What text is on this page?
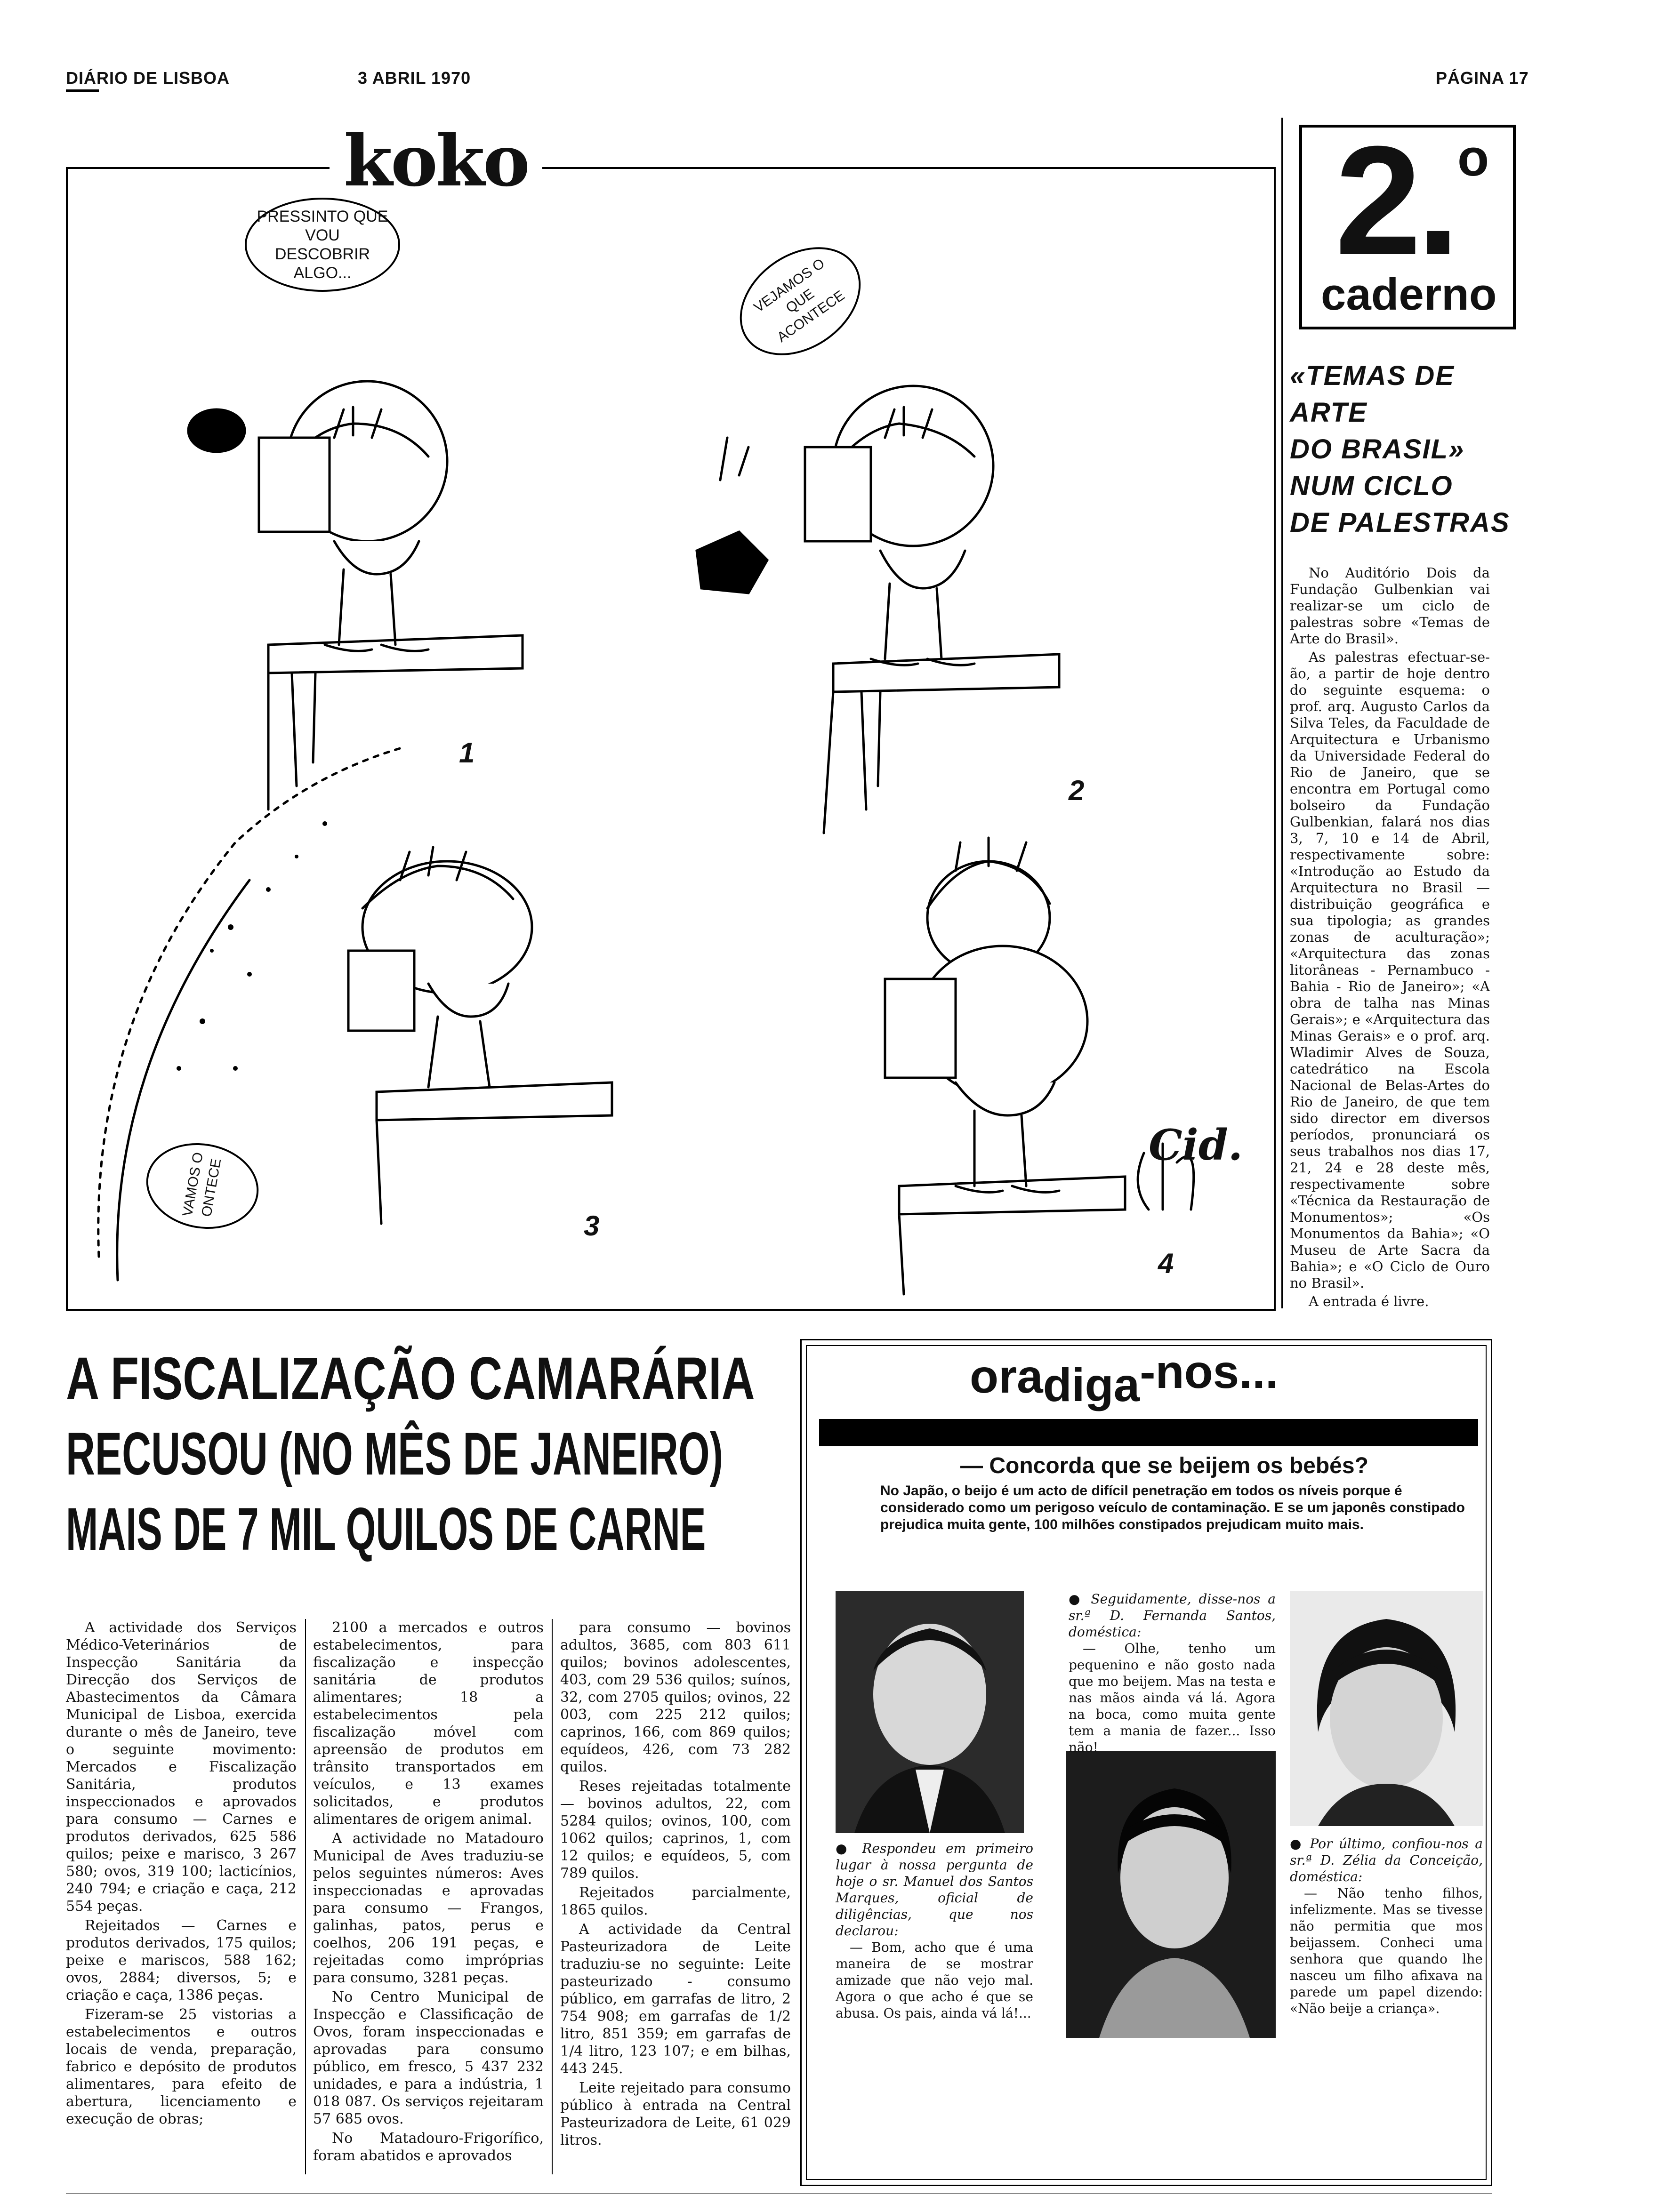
DIÁRIO DE LISBOA	3 ABRIL 1970	PÁGINA 17
koko
PRESSINTO QUE VOU DESCOBRIR ALGO...	VEJAMOS O QUE ACONTECE
VAMOS O ONTECE
1
2
3
4
Cid.
2. o
caderno
«TEMAS DE ARTE
DO BRASIL»
NUM CICLO
DE PALESTRAS

No Auditório Dois da Fundação Gulbenkian vai realizar-se um ciclo de palestras sobre «Temas de Arte do Brasil».

As palestras efectuar-se-ão, a partir de hoje dentro do seguinte esquema: o prof. arq. Augusto Carlos da Silva Teles, da Faculdade de Arquitectura e Urbanismo da Universidade Federal do Rio de Janeiro, que se encontra em Portugal como bolseiro da Fundação Gulbenkian, falará nos dias 3, 7, 10 e 14 de Abril, respectivamente sobre: «Introdução ao Estudo da Arquitectura no Brasil — distribuição geográfica e sua tipologia; as grandes zonas de aculturação»; «Arquitectura das zonas litorâneas - Pernambuco - Bahia - Rio de Janeiro»; «A obra de talha nas Minas Gerais»; e «Arquitectura das Minas Gerais» e o prof. arq. Wladimir Alves de Souza, catedrático na Escola Nacional de Belas-Artes do Rio de Janeiro, de que tem sido director em diversos períodos, pronunciará os seus trabalhos nos dias 17, 21, 24 e 28 deste mês, respectivamente sobre «Técnica da Restauração de Monumentos»; «Os Monumentos da Bahia»; «O Museu de Arte Sacra da Bahia»; e «O Ciclo de Ouro no Brasil».

A entrada é livre.

A FISCALIZAÇÃO CAMARÁRIA
RECUSOU (NO MÊS DE JANEIRO)
MAIS DE 7 MIL QUILOS DE CARNE

A actividade dos Serviços Médico-Veterinários de Inspecção Sanitária da Direcção dos Serviços de Abastecimentos da Câmara Municipal de Lisboa, exercida durante o mês de Janeiro, teve o seguinte movimento: Mercados e Fiscalização Sanitária, produtos inspeccionados e aprovados para consumo — Carnes e produtos derivados, 625 586 quilos; peixe e marisco, 3 267 580; ovos, 319 100; lacticínios, 240 794; e criação e caça, 212 554 peças.

Rejeitados — Carnes e produtos derivados, 175 quilos; peixe e mariscos, 588 162; ovos, 2884; diversos, 5; e criação e caça, 1386 peças.

Fizeram-se 25 vistorias a estabelecimentos e outros locais de venda, preparação, fabrico e depósito de produtos alimentares, para efeito de abertura, licenciamento e execução de obras;

2100 a mercados e outros estabelecimentos, para fiscalização e inspecção sanitária de produtos alimentares; 18 a estabelecimentos pela fiscalização móvel com apreensão de produtos em trânsito transportados em veículos, e 13 exames solicitados, e produtos alimentares de origem animal.

A actividade no Matadouro Municipal de Aves traduziu-se pelos seguintes números: Aves inspeccionadas e aprovadas para consumo — Frangos, galinhas, patos, perus e coelhos, 206 191 peças, e rejeitadas como impróprias para consumo, 3281 peças.

No Centro Municipal de Inspecção e Classificação de Ovos, foram inspeccionadas e aprovadas para consumo público, em fresco, 5 437 232 unidades, e para a indústria, 1 018 087. Os serviços rejeitaram 57 685 ovos.

No Matadouro-Frigorífico, foram abatidos e aprovados

para consumo — bovinos adultos, 3685, com 803 611 quilos; bovinos adolescentes, 403, com 29 536 quilos; suínos, 32, com 2705 quilos; ovinos, 22 003, com 225 212 quilos; caprinos, 166, com 869 quilos; equídeos, 426, com 73 282 quilos.

Reses rejeitadas totalmente — bovinos adultos, 22, com 5284 quilos; ovinos, 100, com 1062 quilos; caprinos, 1, com 12 quilos; e equídeos, 5, com 789 quilos.

Rejeitados parcialmente, 1865 quilos.

A actividade da Central Pasteurizadora de Leite traduziu-se no seguinte: Leite pasteurizado - consumo público, em garrafas de litro, 2 754 908; em garrafas de 1/2 litro, 851 359; em garrafas de 1/4 litro, 123 107; e em bilhas, 443 245.

Leite rejeitado para consumo público à entrada na Central Pasteurizadora de Leite, 61 029 litros.

oradiga-nos...
— Concorda que se beijem os bebés?
No Japão, o beijo é um acto de difícil penetração em todos os níveis porque é considerado como um perigoso veículo de contaminação. E se um japonês constipado prejudica muita gente, 100 milhões constipados prejudicam muito mais.
● Respondeu em primeiro lugar à nossa pergunta de hoje o sr. Manuel dos Santos Marques, oficial de diligências, que nos declarou:
— Bom, acho que é uma maneira de se mostrar amizade que não vejo mal. Agora o que acho é que se abusa. Os pais, ainda vá lá!...
● Seguidamente, disse-nos a sr.ª D. Fernanda Santos, doméstica:
— Olhe, tenho um pequenino e não gosto nada que mo beijem. Mas na testa e nas mãos ainda vá lá. Agora na boca, como muita gente tem a mania de fazer... Isso não!
● Por último, confiou-nos a sr.ª D. Zélia da Conceição, doméstica:
— Não tenho filhos, infelizmente. Mas se tivesse não permitia que mos beijassem. Conheci uma senhora que quando lhe nasceu um filho afixava na parede um papel dizendo: «Não beije a criança».
